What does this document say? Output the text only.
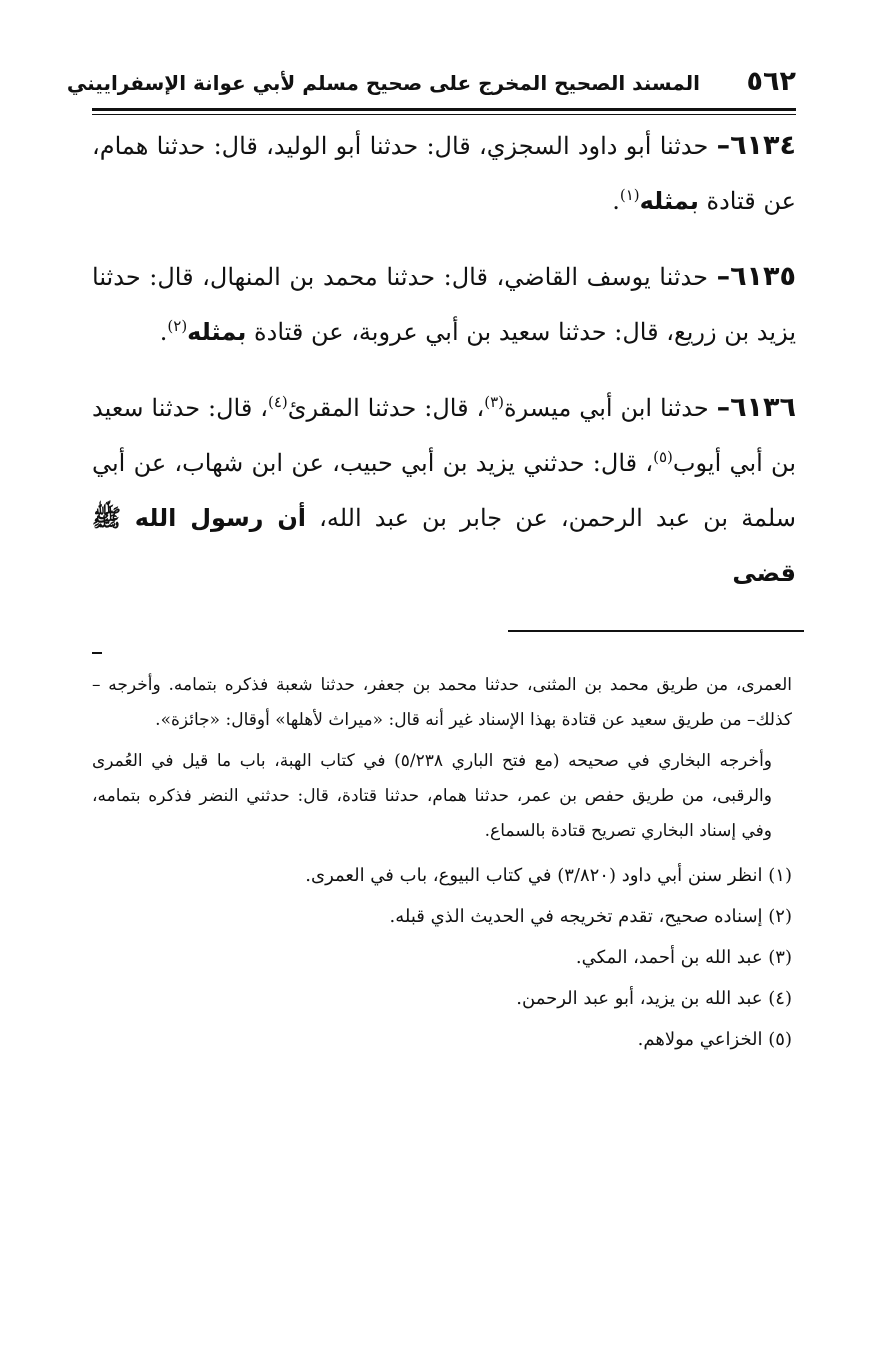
٥٦٢
المسند الصحيح المخرج على صحيح مسلم لأبي عوانة الإسفراييني

٦١٣٤– حدثنا أبو داود السجزي، قال: حدثنا أبو الوليد، قال: حدثنا همام، عن قتادة بمثله$^{(١)}$.

٦١٣٥– حدثنا يوسف القاضي، قال: حدثنا محمد بن المنهال، قال: حدثنا يزيد بن زريع، قال: حدثنا سعيد بن أبي عروبة، عن قتادة بمثله$^{(٢)}$.

٦١٣٦– حدثنا ابن أبي ميسرة$^{(٣)}$، قال: حدثنا المقرئ$^{(٤)}$، قال: حدثنا سعيد بن أبي أيوب$^{(٥)}$، قال: حدثني يزيد بن أبي حبيب، عن ابن شهاب، عن أبي سلمة بن عبد الرحمن، عن جابر بن عبد الله، أن رسول الله ﷺ قضى

العمرى، من طريق محمد بن المثنى، حدثنا محمد بن جعفر، حدثنا شعبة فذكره بتمامه. وأخرجه –كذلك– من طريق سعيد عن قتادة بهذا الإسناد غير أنه قال: «ميراث لأهلها» أوقال: «جائزة».

وأخرجه البخاري في صحيحه (مع فتح الباري ٥/٢٣٨) في كتاب الهبة، باب ما قيل في العُمرى والرقبى، من طريق حفص بن عمر، حدثنا همام، حدثنا قتادة، قال: حدثني النضر فذكره بتمامه، وفي إسناد البخاري تصريح قتادة بالسماع.

(١) انظر سنن أبي داود (٣/٨٢٠) في كتاب البيوع، باب في العمرى.

(٢) إسناده صحيح، تقدم تخريجه في الحديث الذي قبله.

(٣) عبد الله بن أحمد، المكي.

(٤) عبد الله بن يزيد، أبو عبد الرحمن.

(٥) الخزاعي مولاهم.
